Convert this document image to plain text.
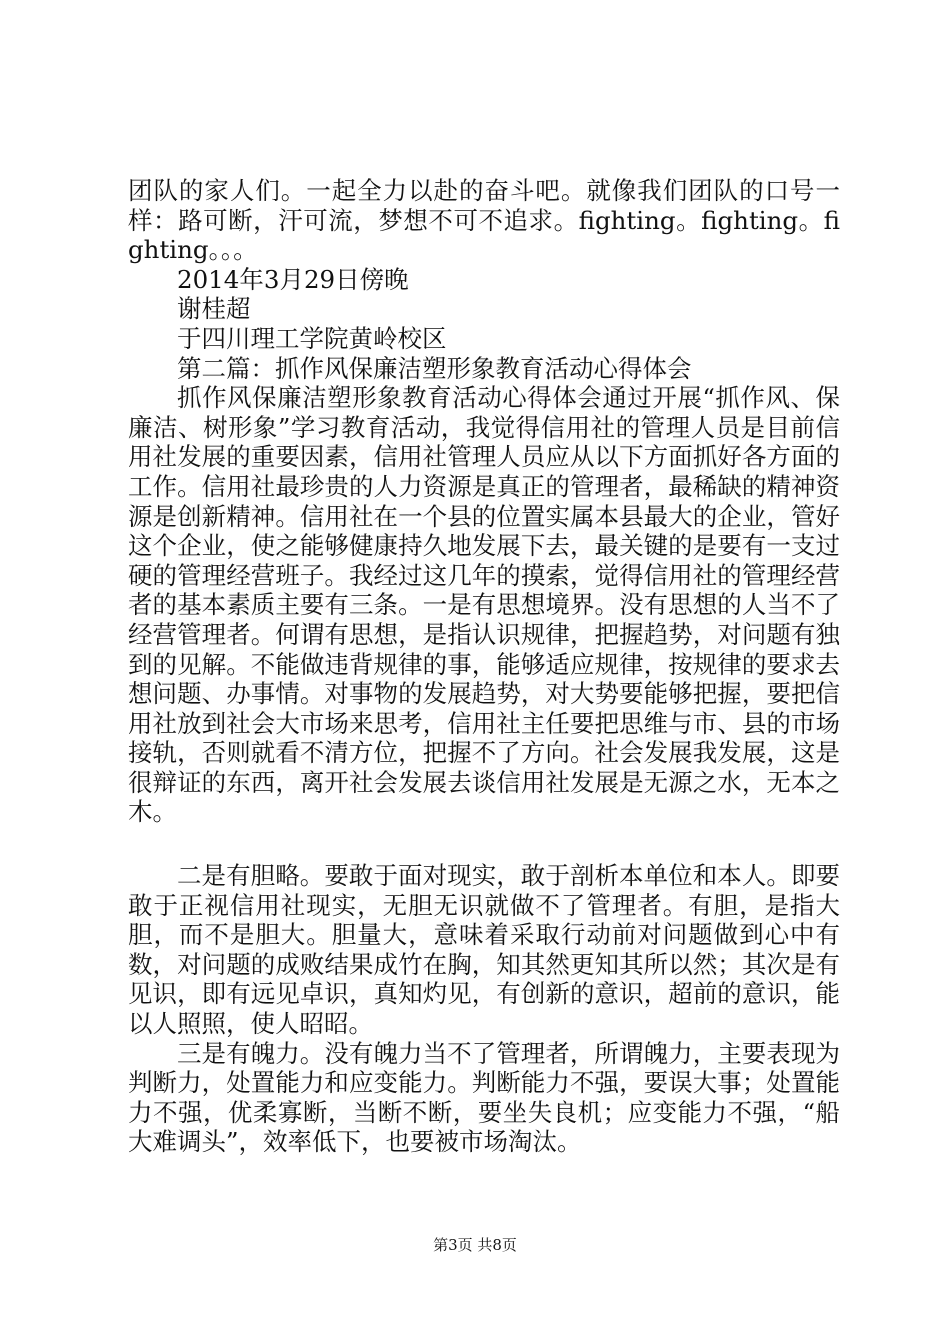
团队的家人们。一起全力以赴的奋斗吧。就像我们团队的口号一样：路可断，汗可流，梦想不可不追求。fighting。fighting。fighting。。。

2014年3月29日傍晚

谢桂超

于四川理工学院黄岭校区

第二篇：抓作风保廉洁塑形象教育活动心得体会

抓作风保廉洁塑形象教育活动心得体会通过开展“抓作风、保廉洁、树形象”学习教育活动，我觉得信用社的管理人员是目前信用社发展的重要因素，信用社管理人员应从以下方面抓好各方面的工作。信用社最珍贵的人力资源是真正的管理者，最稀缺的精神资源是创新精神。信用社在一个县的位置实属本县最大的企业，管好这个企业，使之能够健康持久地发展下去，最关键的是要有一支过硬的管理经营班子。我经过这几年的摸索，觉得信用社的管理经营者的基本素质主要有三条。一是有思想境界。没有思想的人当不了经营管理者。何谓有思想，是指认识规律，把握趋势，对问题有独到的见解。不能做违背规律的事，能够适应规律，按规律的要求去想问题、办事情。对事物的发展趋势，对大势要能够把握，要把信用社放到社会大市场来思考，信用社主任要把思维与市、县的市场接轨，否则就看不清方位，把握不了方向。社会发展我发展，这是很辩证的东西，离开社会发展去谈信用社发展是无源之水，无本之木。

二是有胆略。要敢于面对现实，敢于剖析本单位和本人。即要敢于正视信用社现实，无胆无识就做不了管理者。有胆，是指大胆，而不是胆大。胆量大，意味着采取行动前对问题做到心中有数，对问题的成败结果成竹在胸，知其然更知其所以然；其次是有见识，即有远见卓识，真知灼见，有创新的意识，超前的意识，能以人照照，使人昭昭。

三是有魄力。没有魄力当不了管理者，所谓魄力，主要表现为判断力，处置能力和应变能力。判断能力不强，要误大事；处置能力不强，优柔寡断，当断不断，要坐失良机；应变能力不强，“船大难调头”，效率低下，也要被市场淘汰。

第3页 共8页
